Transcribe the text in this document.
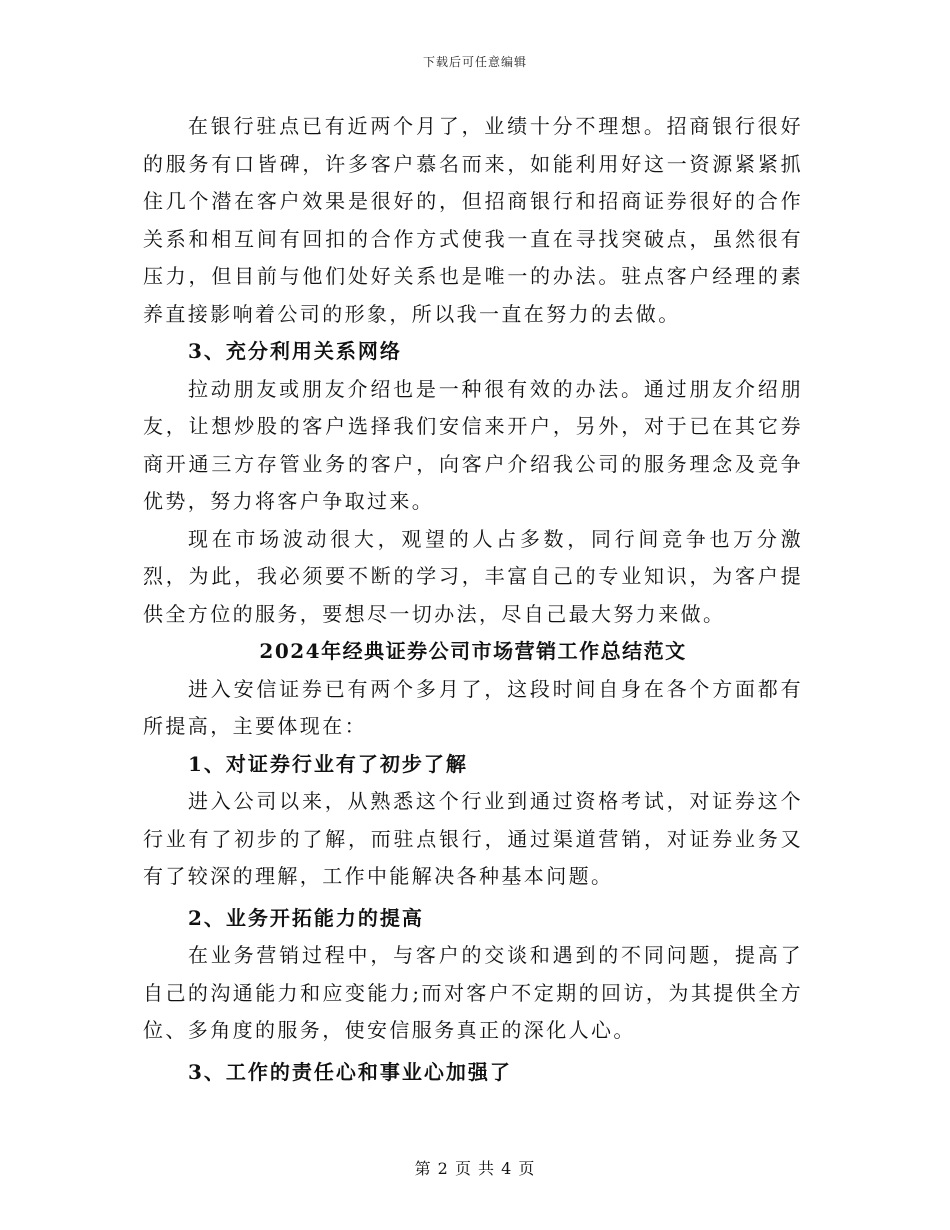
下载后可任意编辑

在银行驻点已有近两个月了，业绩十分不理想。招商银行很好的服务有口皆碑，许多客户慕名而来，如能利用好这一资源紧紧抓住几个潜在客户效果是很好的，但招商银行和招商证券很好的合作关系和相互间有回扣的合作方式使我一直在寻找突破点，虽然很有压力，但目前与他们处好关系也是唯一的办法。驻点客户经理的素养直接影响着公司的形象，所以我一直在努力的去做。

3、充分利用关系网络

拉动朋友或朋友介绍也是一种很有效的办法。通过朋友介绍朋友，让想炒股的客户选择我们安信来开户，另外，对于已在其它券商开通三方存管业务的客户，向客户介绍我公司的服务理念及竞争优势，努力将客户争取过来。

现在市场波动很大，观望的人占多数，同行间竞争也万分激烈，为此，我必须要不断的学习，丰富自己的专业知识，为客户提供全方位的服务，要想尽一切办法，尽自己最大努力来做。

2024年经典证券公司市场营销工作总结范文

进入安信证券已有两个多月了，这段时间自身在各个方面都有所提高，主要体现在：

1、对证券行业有了初步了解

进入公司以来，从熟悉这个行业到通过资格考试，对证券这个行业有了初步的了解，而驻点银行，通过渠道营销，对证券业务又有了较深的理解，工作中能解决各种基本问题。

2、业务开拓能力的提高

在业务营销过程中，与客户的交谈和遇到的不同问题，提高了自己的沟通能力和应变能力;而对客户不定期的回访，为其提供全方位、多角度的服务，使安信服务真正的深化人心。

3、工作的责任心和事业心加强了

第 2 页 共 4 页
